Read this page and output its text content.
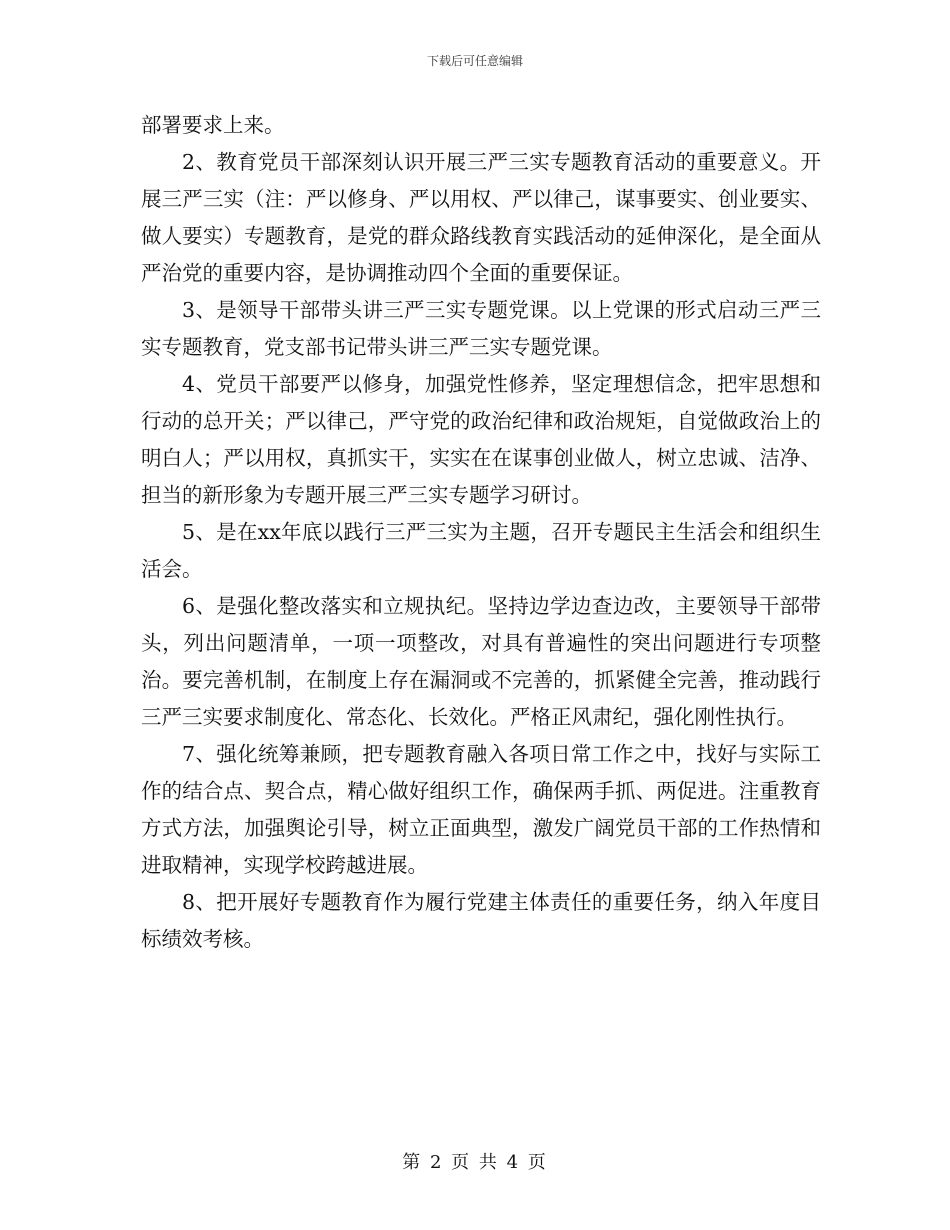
下载后可任意编辑

部署要求上来。

2、教育党员干部深刻认识开展三严三实专题教育活动的重要意义。开展三严三实（注：严以修身、严以用权、严以律己，谋事要实、创业要实、做人要实）专题教育，是党的群众路线教育实践活动的延伸深化，是全面从严治党的重要内容，是协调推动四个全面的重要保证。

3、是领导干部带头讲三严三实专题党课。以上党课的形式启动三严三实专题教育，党支部书记带头讲三严三实专题党课。

4、党员干部要严以修身，加强党性修养，坚定理想信念，把牢思想和行动的总开关；严以律己，严守党的政治纪律和政治规矩，自觉做政治上的明白人；严以用权，真抓实干，实实在在谋事创业做人，树立忠诚、洁净、担当的新形象为专题开展三严三实专题学习研讨。

5、是在xx年底以践行三严三实为主题，召开专题民主生活会和组织生活会。

6、是强化整改落实和立规执纪。坚持边学边查边改，主要领导干部带头，列出问题清单，一项一项整改，对具有普遍性的突出问题进行专项整治。要完善机制，在制度上存在漏洞或不完善的，抓紧健全完善，推动践行三严三实要求制度化、常态化、长效化。严格正风肃纪，强化刚性执行。

7、强化统筹兼顾，把专题教育融入各项日常工作之中，找好与实际工作的结合点、契合点，精心做好组织工作，确保两手抓、两促进。注重教育方式方法，加强舆论引导，树立正面典型，激发广阔党员干部的工作热情和进取精神，实现学校跨越进展。

8、把开展好专题教育作为履行党建主体责任的重要任务，纳入年度目标绩效考核。

第 2 页 共 4 页
